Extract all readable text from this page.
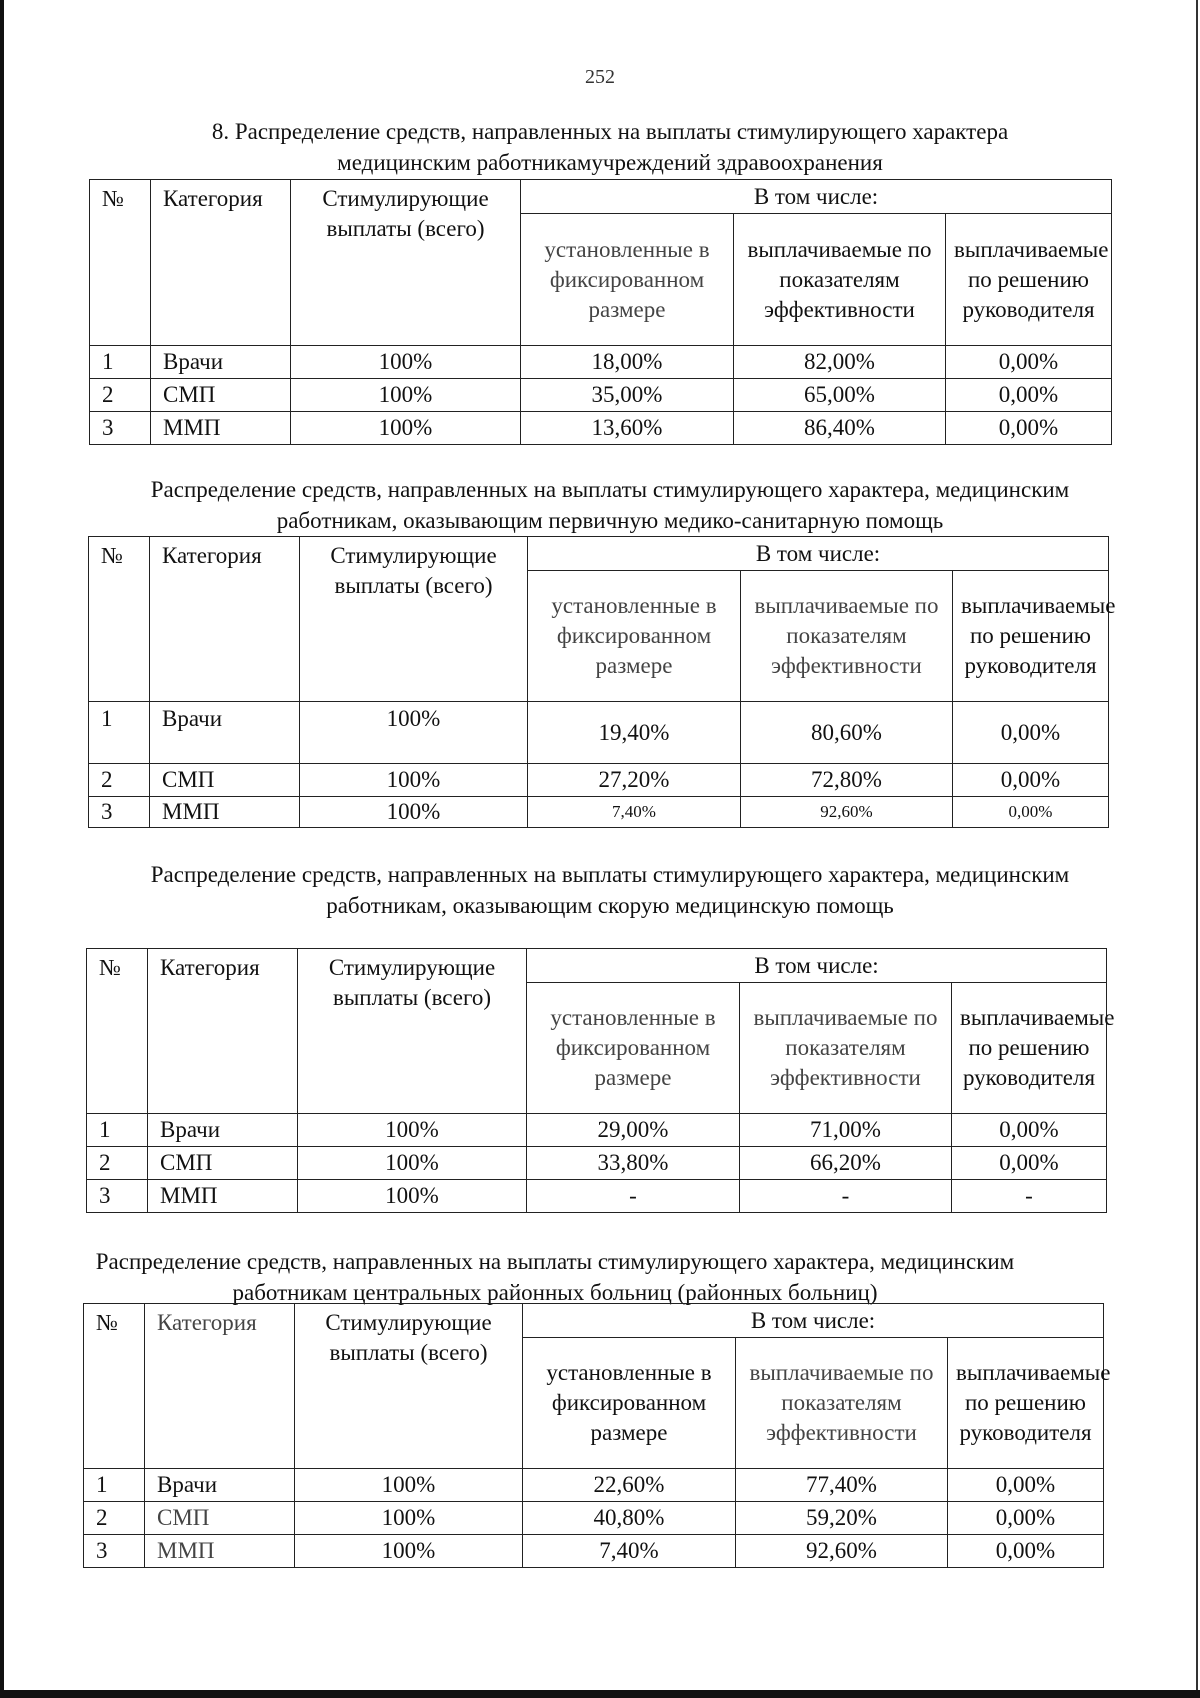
252
8. Распределение средств, направленных на выплаты стимулирующего характера
медицинским работникамучреждений здравоохранения
№	Категория	Стимулирующие выплаты (всего)	В том числе:		
			установленные в фиксированном размере	выплачиваемые по показателям эффективности	выплачиваемые по решению руководителя
1	Врачи	100%	18,00%	82,00%	0,00%
2	СМП	100%	35,00%	65,00%	0,00%
3	ММП	100%	13,60%	86,40%	0,00%
Распределение средств, направленных на выплаты стимулирующего характера, медицинским
работникам, оказывающим первичную медико-санитарную помощь
№	Категория	Стимулирующие выплаты (всего)	В том числе:		
			установленные в фиксированном размере	выплачиваемые по показателям эффективности	выплачиваемые по решению руководителя
1	Врачи	100%	19,40%	80,60%	0,00%
2	СМП	100%	27,20%	72,80%	0,00%
3	ММП	100%	7,40%	92,60%	0,00%
Распределение средств, направленных на выплаты стимулирующего характера, медицинским
работникам, оказывающим скорую медицинскую помощь
№	Категория	Стимулирующие выплаты (всего)	В том числе:		
			установленные в фиксированном размере	выплачиваемые по показателям эффективности	выплачиваемые по решению руководителя
1	Врачи	100%	29,00%	71,00%	0,00%
2	СМП	100%	33,80%	66,20%	0,00%
3	ММП	100%	-	-	-
Распределение средств, направленных на выплаты стимулирующего характера, медицинским
работникам центральных районных больниц (районных больниц)
№	Категория	Стимулирующие выплаты (всего)	В том числе:		
			установленные в фиксированном размере	выплачиваемые по показателям эффективности	выплачиваемые по решению руководителя
1	Врачи	100%	22,60%	77,40%	0,00%
2	СМП	100%	40,80%	59,20%	0,00%
3	ММП	100%	7,40%	92,60%	0,00%
